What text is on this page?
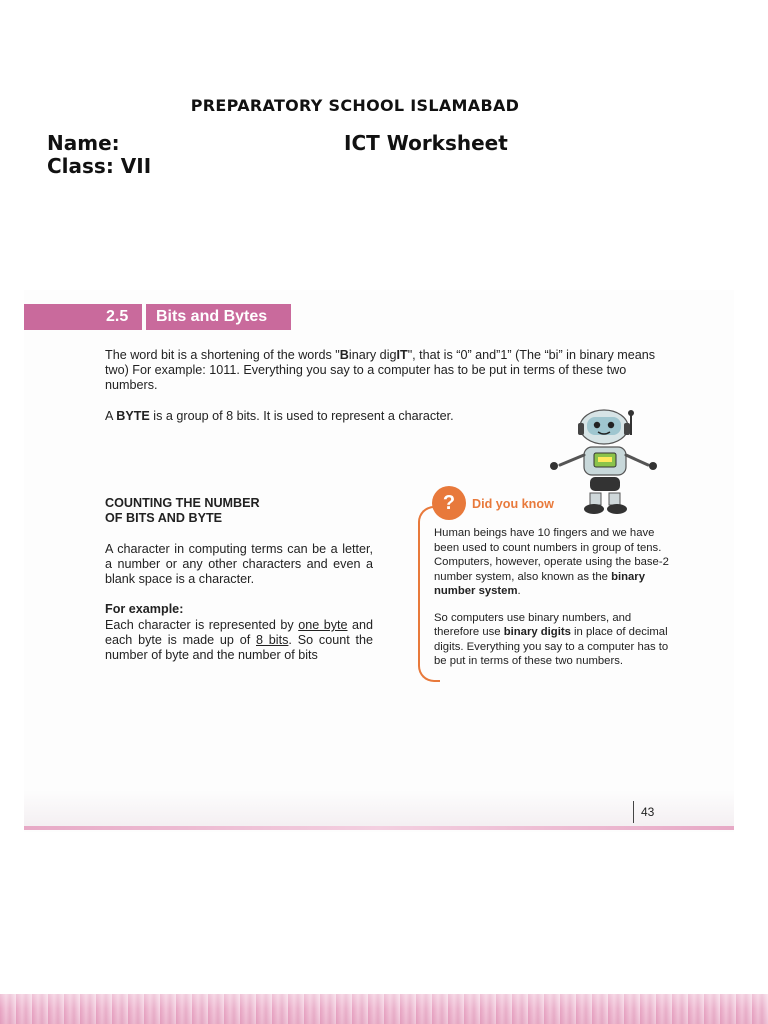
PREPARATORY SCHOOL ISLAMABAD
Name:
Class: VII
ICT Worksheet
2.5	Bits and Bytes
The word bit is a shortening of the words "Binary digIT", that is “0” and”1” (The “bi” in binary means two) For example: 1011. Everything you say to a computer has to be put in terms of these two numbers.
A BYTE is a group of 8 bits. It is used to represent a character.
COUNTING THE NUMBER
OF BITS AND BYTE
A character in computing terms can be a letter, a number or any other characters and even a blank space is a character.
For example:
Each character is represented by one byte and each byte is made up of 8 bits. So count the number of byte and the number of bits
?	Did you know

Human beings have 10 fingers and we have been used to count numbers in group of tens. Computers, however, operate using the base-2 number system, also known as the binary number system.

So computers use binary numbers, and therefore use binary digits in place of decimal digits. Everything you say to a computer has to be put in terms of these two numbers.

43
